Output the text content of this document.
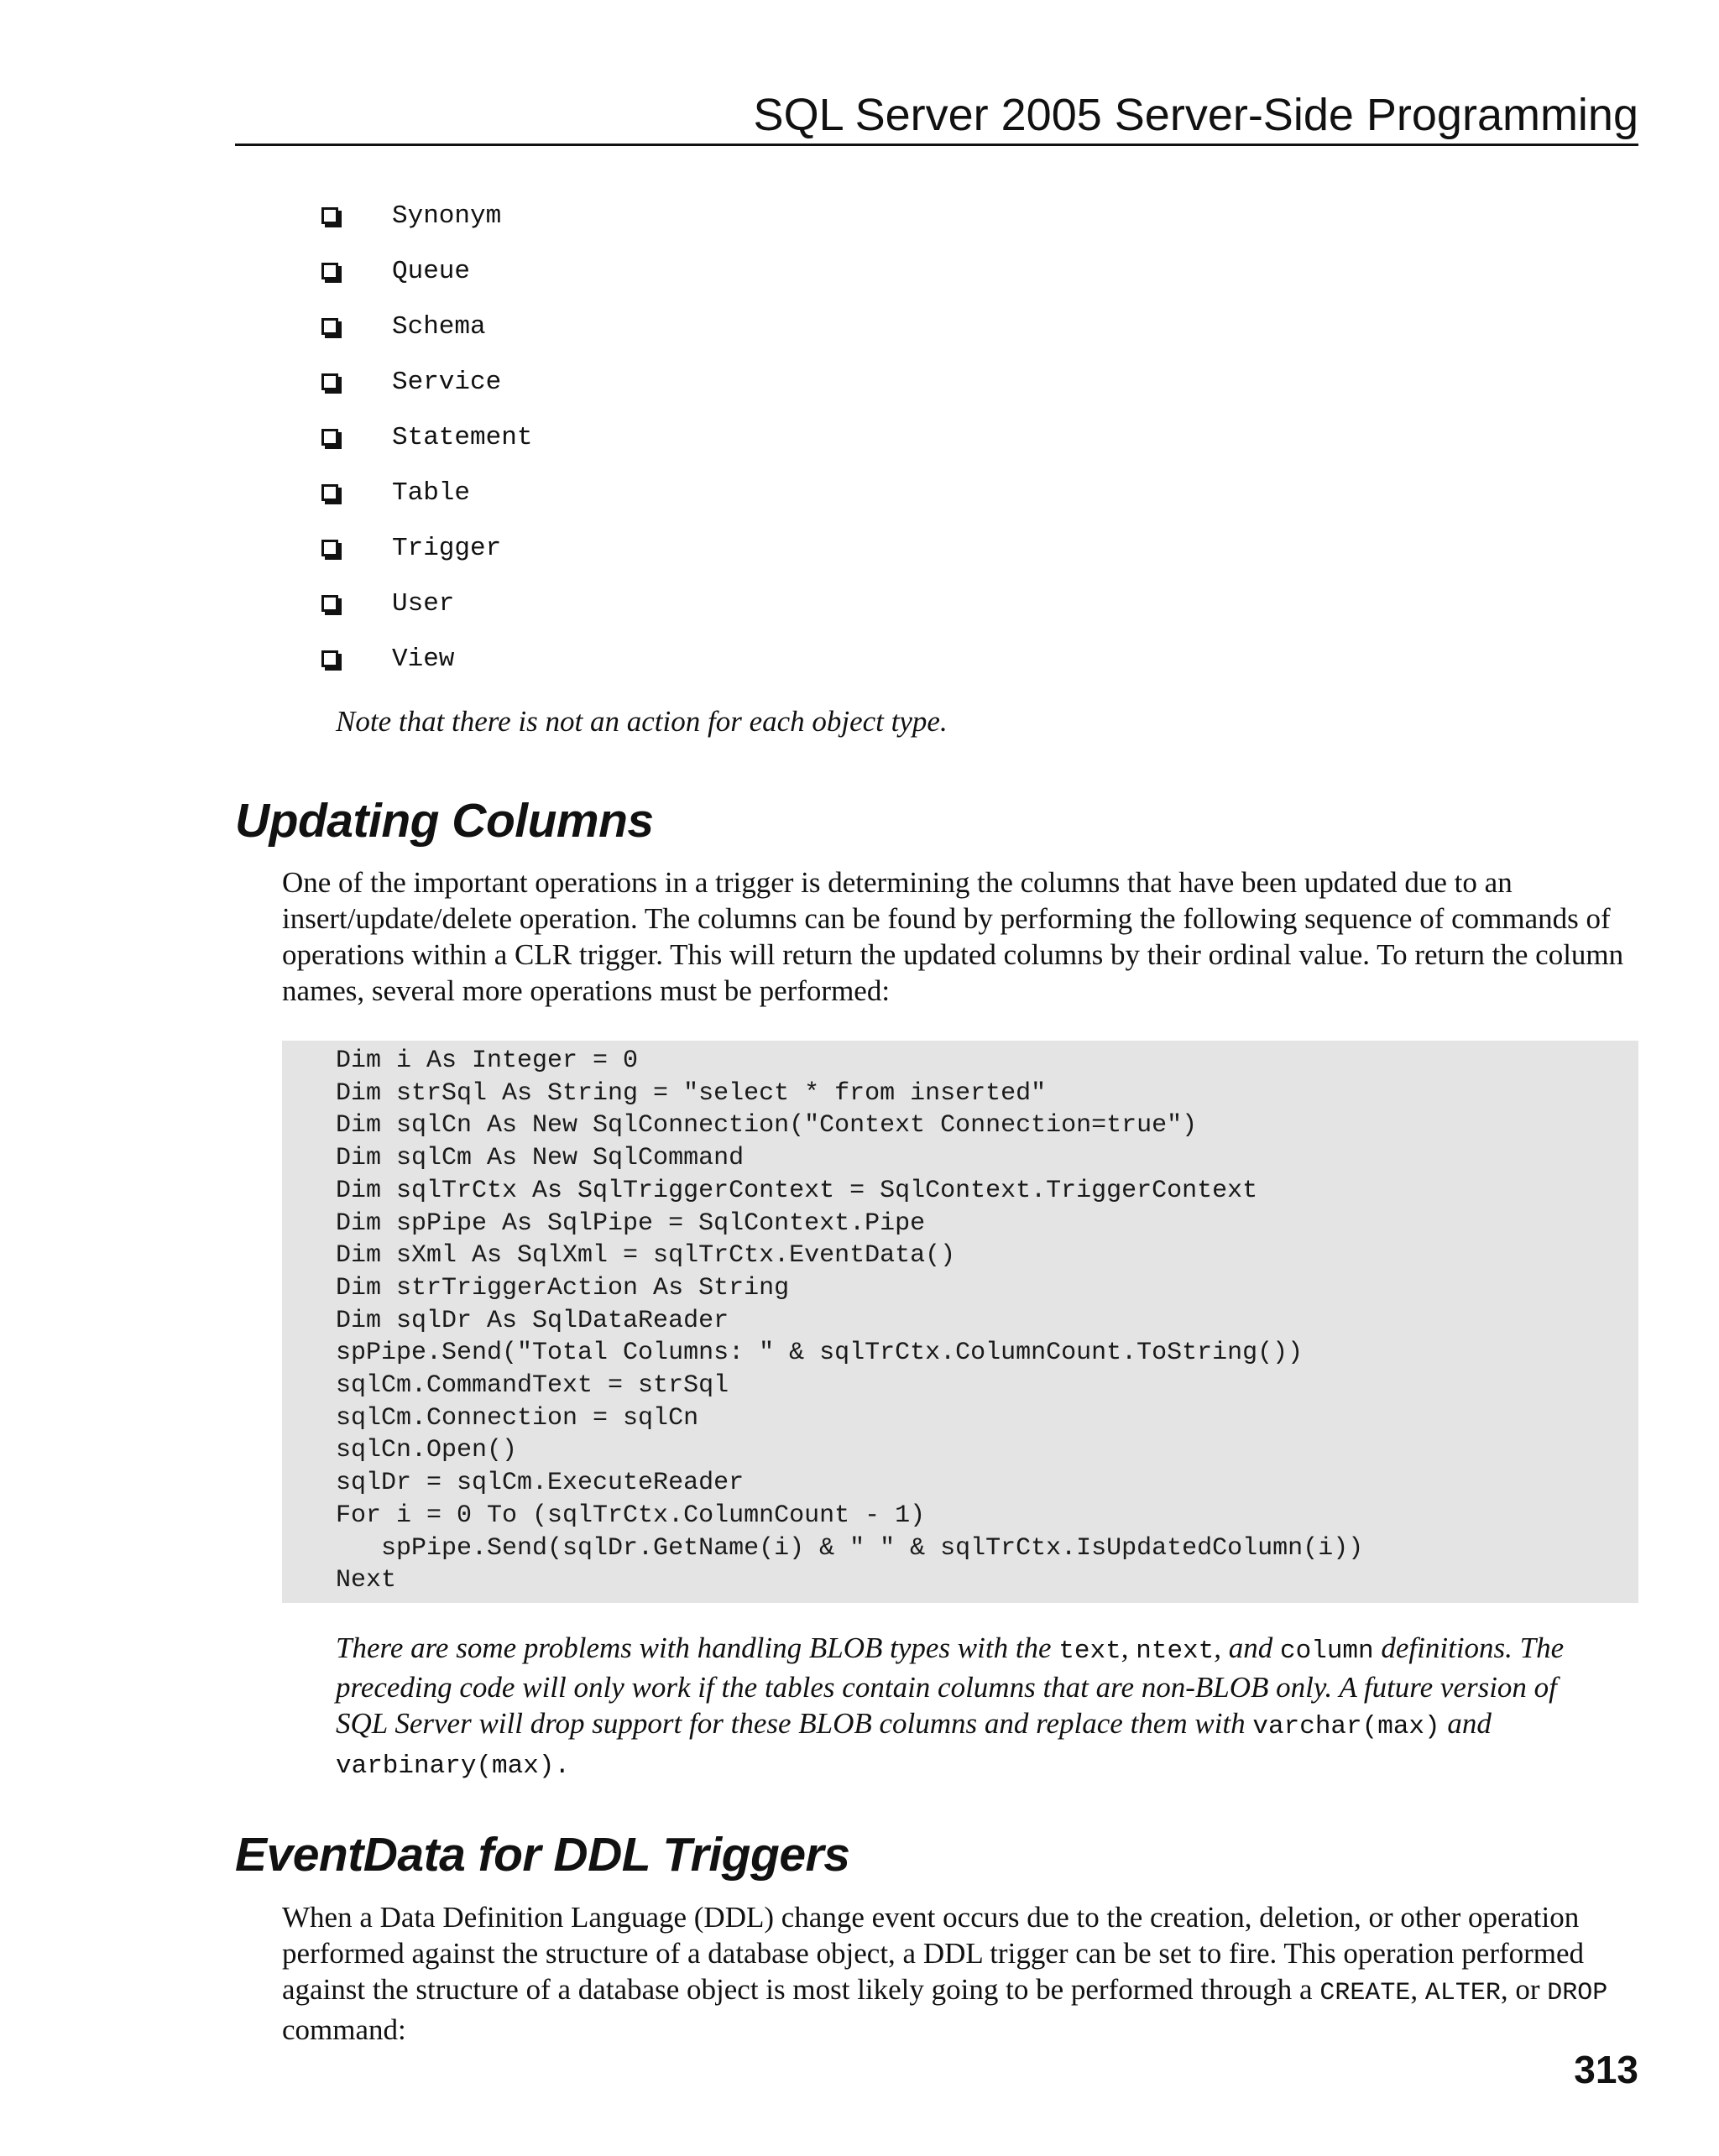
SQL Server 2005 Server-Side Programming
Synonym
Queue
Schema
Service
Statement
Table
Trigger
User
View

Note that there is not an action for each object type.

Updating Columns

One of the important operations in a trigger is determining the columns that have been updated due to an insert/update/delete operation. The columns can be found by performing the following sequence of commands of operations within a CLR trigger. This will return the updated columns by their ordinal value. To return the column names, several more operations must be performed:

Dim i As Integer = 0
Dim strSql As String = "select * from inserted"
Dim sqlCn As New SqlConnection("Context Connection=true")
Dim sqlCm As New SqlCommand
Dim sqlTrCtx As SqlTriggerContext = SqlContext.TriggerContext
Dim spPipe As SqlPipe = SqlContext.Pipe
Dim sXml As SqlXml = sqlTrCtx.EventData()
Dim strTriggerAction As String
Dim sqlDr As SqlDataReader
spPipe.Send("Total Columns: " & sqlTrCtx.ColumnCount.ToString())
sqlCm.CommandText = strSql
sqlCm.Connection = sqlCn
sqlCn.Open()
sqlDr = sqlCm.ExecuteReader
For i = 0 To (sqlTrCtx.ColumnCount - 1)
spPipe.Send(sqlDr.GetName(i) & " " & sqlTrCtx.IsUpdatedColumn(i))
Next

There are some problems with handling BLOB types with the text, ntext, and column definitions. The preceding code will only work if the tables contain columns that are non-BLOB only. A future version of SQL Server will drop support for these BLOB columns and replace them with varchar(max) and varbinary(max).

EventData for DDL Triggers

When a Data Definition Language (DDL) change event occurs due to the creation, deletion, or other operation performed against the structure of a database object, a DDL trigger can be set to fire. This operation performed against the structure of a database object is most likely going to be performed through a CREATE, ALTER, or DROP command:

313
